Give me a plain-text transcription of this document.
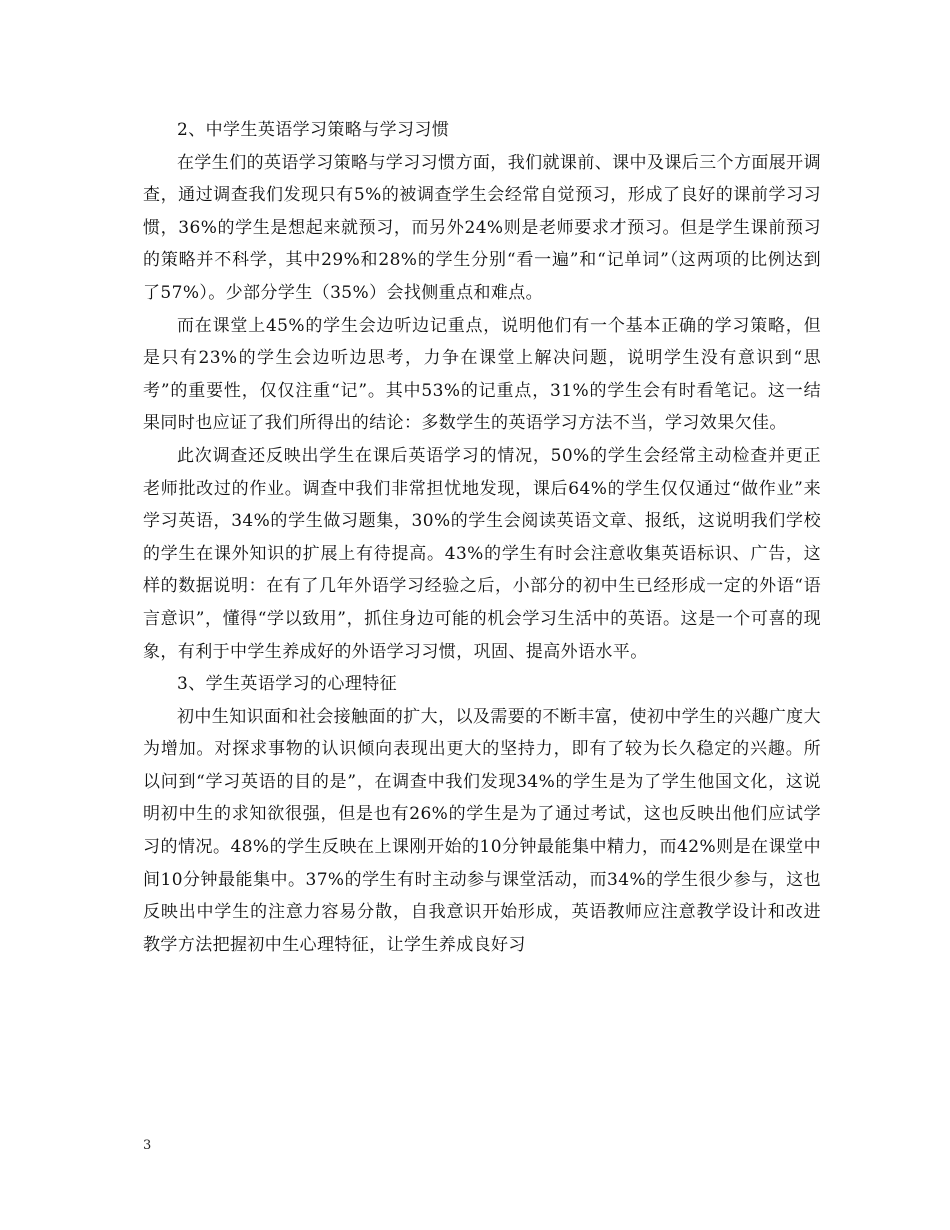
2、中学生英语学习策略与学习习惯

在学生们的英语学习策略与学习习惯方面，我们就课前、课中及课后三个方面展开调查，通过调查我们发现只有5%的被调查学生会经常自觉预习，形成了良好的课前学习习惯，36%的学生是想起来就预习，而另外24%则是老师要求才预习。但是学生课前预习的策略并不科学，其中29%和28%的学生分别“看一遍”和“记单词”（这两项的比例达到了57%）。少部分学生（35%）会找侧重点和难点。

而在课堂上45%的学生会边听边记重点，说明他们有一个基本正确的学习策略，但是只有23%的学生会边听边思考，力争在课堂上解决问题，说明学生没有意识到“思考”的重要性，仅仅注重“记”。其中53%的记重点，31%的学生会有时看笔记。这一结果同时也应证了我们所得出的结论：多数学生的英语学习方法不当，学习效果欠佳。

此次调查还反映出学生在课后英语学习的情况，50%的学生会经常主动检查并更正老师批改过的作业。调查中我们非常担忧地发现，课后64%的学生仅仅通过“做作业”来学习英语，34%的学生做习题集，30%的学生会阅读英语文章、报纸，这说明我们学校的学生在课外知识的扩展上有待提高。43%的学生有时会注意收集英语标识、广告，这样的数据说明：在有了几年外语学习经验之后，小部分的初中生已经形成一定的外语“语言意识”，懂得“学以致用”，抓住身边可能的机会学习生活中的英语。这是一个可喜的现象，有利于中学生养成好的外语学习习惯，巩固、提高外语水平。

3、学生英语学习的心理特征

初中生知识面和社会接触面的扩大，以及需要的不断丰富，使初中学生的兴趣广度大为增加。对探求事物的认识倾向表现出更大的坚持力，即有了较为长久稳定的兴趣。所以问到“学习英语的目的是”，在调查中我们发现34%的学生是为了学生他国文化，这说明初中生的求知欲很强，但是也有26%的学生是为了通过考试，这也反映出他们应试学习的情况。48%的学生反映在上课刚开始的10分钟最能集中精力，而42%则是在课堂中间10分钟最能集中。37%的学生有时主动参与课堂活动，而34%的学生很少参与，这也反映出中学生的注意力容易分散，自我意识开始形成，英语教师应注意教学设计和改进教学方法把握初中生心理特征，让学生养成良好习

3
